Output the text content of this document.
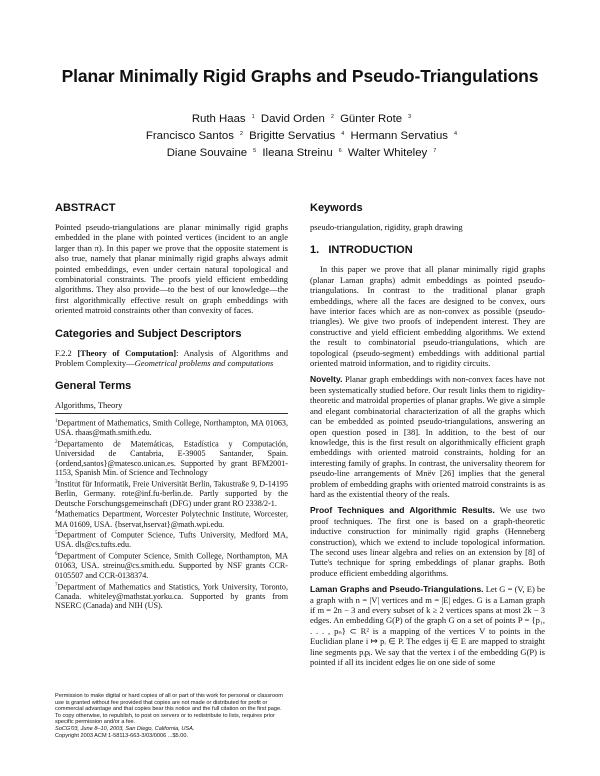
Planar Minimally Rigid Graphs and Pseudo-Triangulations
Ruth Haas $^1$ David Orden $^2$ Günter Rote $^3$
Francisco Santos $^2$ Brigitte Servatius $^4$ Hermann Servatius $^4$
Diane Souvaine $^5$ Ileana Streinu $^6$ Walter Whiteley $^7$
ABSTRACT

Pointed pseudo-triangulations are planar minimally rigid graphs embedded in the plane with pointed vertices (incident to an angle larger than π). In this paper we prove that the opposite statement is also true, namely that planar minimally rigid graphs always admit pointed embeddings, even under certain natural topological and combinatorial constraints. The proofs yield efficient embedding algorithms. They also provide—to the best of our knowledge—the first algorithmically effective result on graph embeddings with oriented matroid constraints other than convexity of faces.

Categories and Subject Descriptors

F.2.2 [Theory of Computation]: Analysis of Algorithms and Problem Complexity—Geometrical problems and computations

General Terms
Algorithms, Theory

$^1$Department of Mathematics, Smith College, Northampton, MA 01063, USA. rhaas@math.smith.edu.

$^2$Departamento de Matemáticas, Estadística y Computación, Universidad de Cantabria, E-39005 Santander, Spain. {ordend,santos}@matesco.unican.es. Supported by grant BFM2001-1153, Spanish Min. of Science and Technology

$^3$Institut für Informatik, Freie Universität Berlin, Takustraße 9, D-14195 Berlin, Germany. rote@inf.fu-berlin.de. Partly supported by the Deutsche Forschungsgemeinschaft (DFG) under grant RO 2338/2-1.

$^4$Mathematics Department, Worcester Polytechnic Institute, Worcester, MA 01609, USA. {bservat,hservat}@math.wpi.edu.

$^5$Department of Computer Science, Tufts University, Medford MA, USA. dls@cs.tufts.edu.

$^6$Department of Computer Science, Smith College, Northampton, MA 01063, USA. streinu@cs.smith.edu. Supported by NSF grants CCR-0105507 and CCR-0138374.

$^7$Department of Mathematics and Statistics, York University, Toronto, Canada. whiteley@mathstat.yorku.ca. Supported by grants from NSERC (Canada) and NIH (US).

Permission to make digital or hard copies of all or part of this work for personal or classroom use is granted without fee provided that copies are not made or distributed for profit or commercial advantage and that copies bear this notice and the full citation on the first page. To copy otherwise, to republish, to post on servers or to redistribute to lists, requires prior specific permission and/or a fee.
SoCG'03, June 8–10, 2003, San Diego, California, USA.
Copyright 2003 ACM 1-58113-663-3/03/0006 ...$5.00.
Keywords

pseudo-triangulation, rigidity, graph drawing

1.   INTRODUCTION

In this paper we prove that all planar minimally rigid graphs (planar Laman graphs) admit embeddings as pointed pseudo-triangulations. In contrast to the traditional planar graph embeddings, where all the faces are designed to be convex, ours have interior faces which are as non-convex as possible (pseudo-triangles). We give two proofs of independent interest. They are constructive and yield efficient embedding algorithms. We extend the result to combinatorial pseudo-triangulations, which are topological (pseudo-segment) embeddings with additional partial oriented matroid information, and to rigidity circuits.

Novelty. Planar graph embeddings with non-convex faces have not been systematically studied before. Our result links them to rigidity-theoretic and matroidal properties of planar graphs. We give a simple and elegant combinatorial characterization of all the graphs which can be embedded as pointed pseudo-triangulations, answering an open question posed in [38]. In addition, to the best of our knowledge, this is the first result on algorithmically efficient graph embeddings with oriented matroid constraints, holding for an interesting family of graphs. In contrast, the universality theorem for pseudo-line arrangements of Mnëv [26] implies that the general problem of embedding graphs with oriented matroid constraints is as hard as the existential theory of the reals.

Proof Techniques and Algorithmic Results. We use two proof techniques. The first one is based on a graph-theoretic inductive construction for minimally rigid graphs (Henneberg construction), which we extend to include topological information. The second uses linear algebra and relies on an extension by [8] of Tutte's technique for spring embeddings of planar graphs. Both produce efficient embedding algorithms.

Laman Graphs and Pseudo-Triangulations. Let G = (V, E) be a graph with n = |V| vertices and m = |E| edges. G is a Laman graph if m = 2n − 3 and every subset of k ≥ 2 vertices spans at most 2k − 3 edges. An embedding G(P) of the graph G on a set of points P = {p₁, . . . , pₙ} ⊂ R² is a mapping of the vertices V to points in the Euclidian plane i ↦ pᵢ ∈ P. The edges ij ∈ E are mapped to straight line segments pᵢpⱼ. We say that the vertex i of the embedding G(P) is pointed if all its incident edges lie on one side of some
